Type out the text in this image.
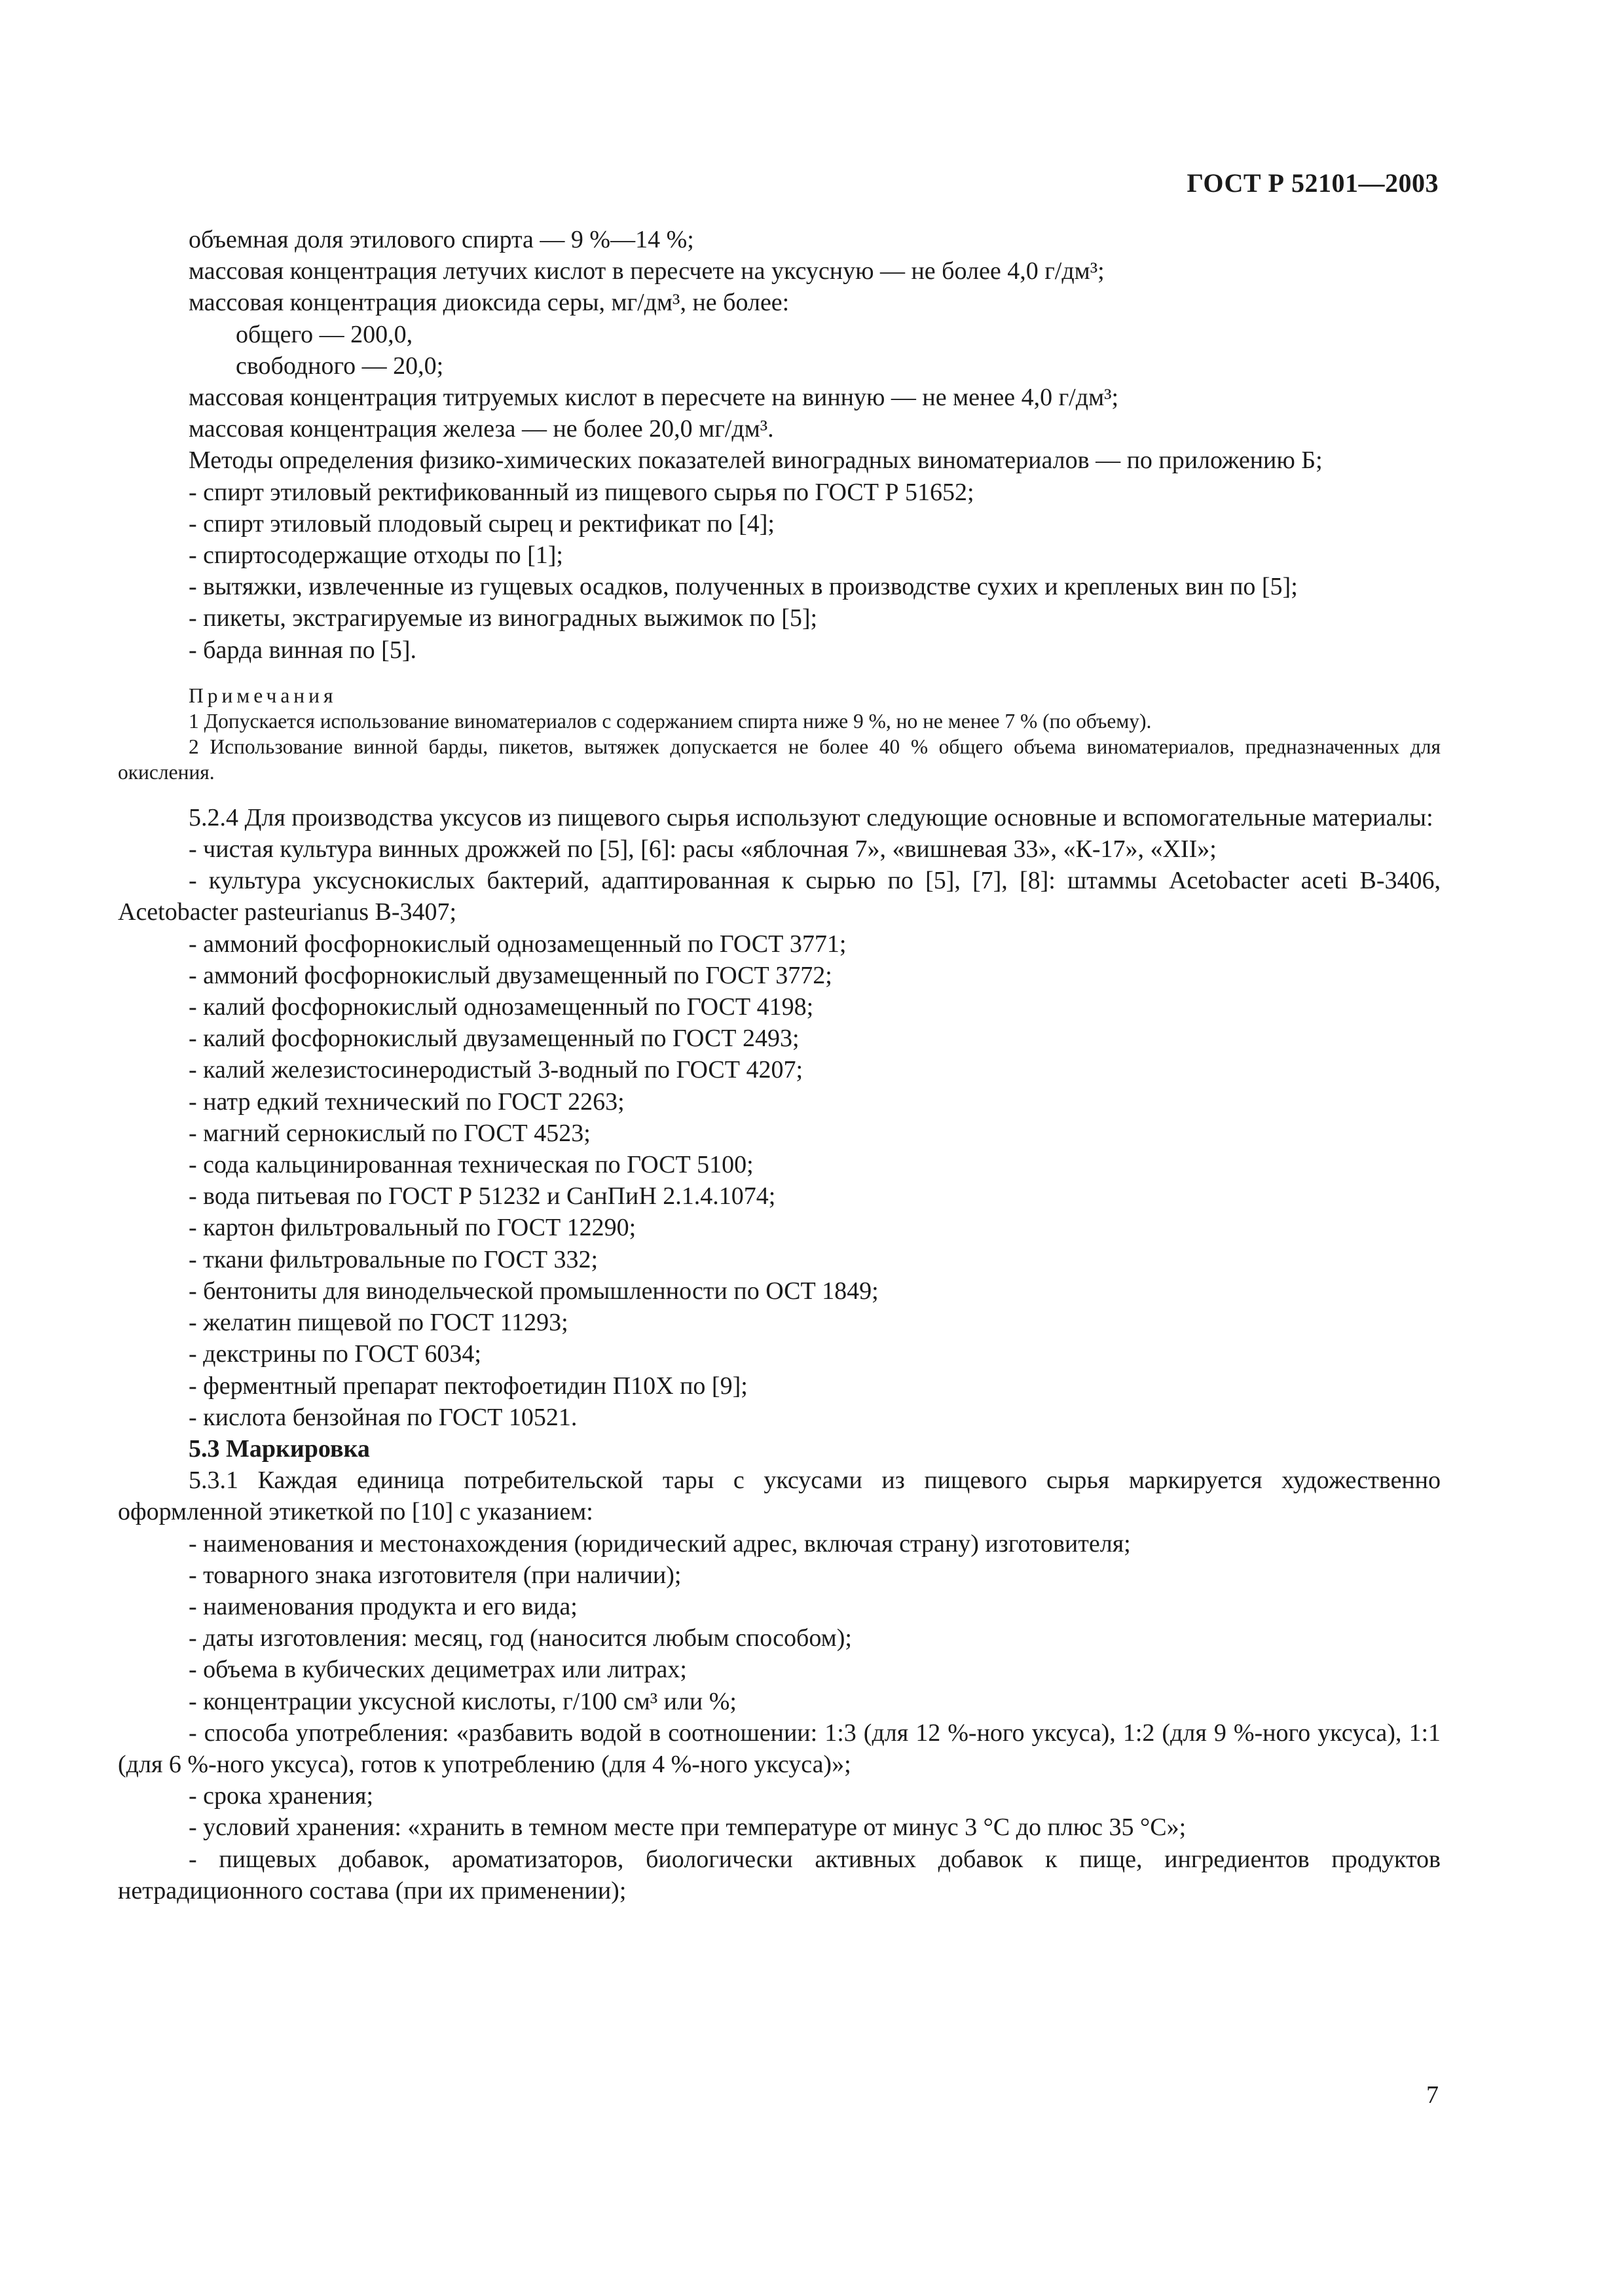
ГОСТ Р 52101—2003

объемная доля этилового спирта — 9 %—14 %;

массовая концентрация летучих кислот в пересчете на уксусную — не более 4,0 г/дм³;

массовая концентрация диоксида серы, мг/дм³, не более:

общего — 200,0,

свободного — 20,0;

массовая концентрация титруемых кислот в пересчете на винную — не менее 4,0 г/дм³;

массовая концентрация железа — не более 20,0 мг/дм³.

Методы определения физико-химических показателей виноградных виноматериалов — по приложению Б;

- спирт этиловый ректификованный из пищевого сырья по ГОСТ Р 51652;

- спирт этиловый плодовый сырец и ректификат по [4];

- спиртосодержащие отходы по [1];

- вытяжки, извлеченные из гущевых осадков, полученных в производстве сухих и крепленых вин по [5];

- пикеты, экстрагируемые из виноградных выжимок по [5];

- барда винная по [5].

Примечания

1 Допускается использование виноматериалов с содержанием спирта ниже 9 %, но не менее 7 % (по объему).

2 Использование винной барды, пикетов, вытяжек допускается не более 40 % общего объема виноматериалов, предназначенных для окисления.

5.2.4 Для производства уксусов из пищевого сырья используют следующие основные и вспомогательные материалы:

- чистая культура винных дрожжей по [5], [6]: расы «яблочная 7», «вишневая 33», «К-17», «XII»;

- культура уксуснокислых бактерий, адаптированная к сырью по [5], [7], [8]: штаммы Acetobacter aceti B-3406, Acetobacter pasteurianus B-3407;

- аммоний фосфорнокислый однозамещенный по ГОСТ 3771;

- аммоний фосфорнокислый двузамещенный по ГОСТ 3772;

- калий фосфорнокислый однозамещенный по ГОСТ 4198;

- калий фосфорнокислый двузамещенный по ГОСТ 2493;

- калий железистосинеродистый 3-водный по ГОСТ 4207;

- натр едкий технический по ГОСТ 2263;

- магний сернокислый по ГОСТ 4523;

- сода кальцинированная техническая по ГОСТ 5100;

- вода питьевая по ГОСТ Р 51232 и СанПиН 2.1.4.1074;

- картон фильтровальный по ГОСТ 12290;

- ткани фильтровальные по ГОСТ 332;

- бентониты для винодельческой промышленности по ОСТ 1849;

- желатин пищевой по ГОСТ 11293;

- декстрины по ГОСТ 6034;

- ферментный препарат пектофоетидин П10Х по [9];

- кислота бензойная по ГОСТ 10521.

5.3 Маркировка

5.3.1 Каждая единица потребительской тары с уксусами из пищевого сырья маркируется художественно оформленной этикеткой по [10] с указанием:

- наименования и местонахождения (юридический адрес, включая страну) изготовителя;

- товарного знака изготовителя (при наличии);

- наименования продукта и его вида;

- даты изготовления: месяц, год (наносится любым способом);

- объема в кубических дециметрах или литрах;

- концентрации уксусной кислоты, г/100 см³ или %;

- способа употребления: «разбавить водой в соотношении: 1:3 (для 12 %-ного уксуса), 1:2 (для 9 %-ного уксуса), 1:1 (для 6 %-ного уксуса), готов к употреблению (для 4 %-ного уксуса)»;

- срока хранения;

- условий хранения: «хранить в темном месте при температуре от минус 3 °С до плюс 35 °С»;

- пищевых добавок, ароматизаторов, биологически активных добавок к пище, ингредиентов продуктов нетрадиционного состава (при их применении);

7
